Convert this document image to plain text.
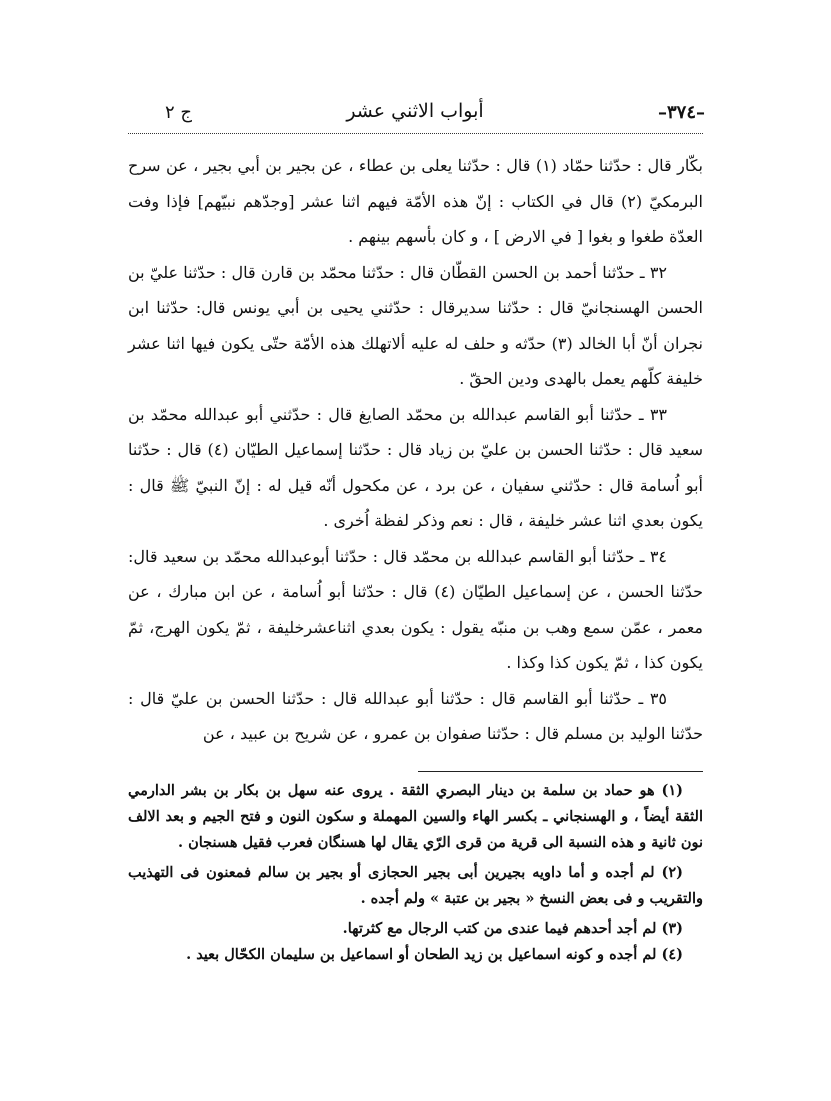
–٣٧٤–
أبواب الاثني عشر
ج ٢

بكّار قال : حدّثنا حمّاد (١) قال : حدّثنا يعلى بن عطاء ، عن بجير بن أبي بجير ، عن سرح البرمكيّ (٢) قال في الكتاب : إنّ هذه الأمّة فيهم اثنا عشر [وجدّهم نبيّهم] فإذا وفت العدّة طغوا و بغوا [ في الارض ] ، و كان بأسهم بينهم .

٣٢ ـ حدّثنا أحمد بن الحسن القطّان قال : حدّثنا محمّد بن قارن قال : حدّثنا عليّ بن الحسن الهسنجانيّ قال : حدّثنا سديرقال : حدّثني يحيى بن أبي يونس قال: حدّثنا ابن نجران أنّ أبا الخالد (٣) حدّثه و حلف له عليه ألاتهلك هذه الأمّة حتّى يكون فيها اثنا عشر خليفة كلّهم يعمل بالهدى ودين الحقّ .

٣٣ ـ حدّثنا أبو القاسم عبدالله بن محمّد الصايغ قال : حدّثني أبو عبدالله محمّد بن سعيد قال : حدّثنا الحسن بن عليّ بن زياد قال : حدّثنا إسماعيل الطيّان (٤) قال : حدّثنا أبو اُسامة قال : حدّثني سفيان ، عن برد ، عن مكحول أنّه قيل له : إنّ النبيّ ﷺ قال : يكون بعدي اثنا عشر خليفة ، قال : نعم وذكر لفظة اُخرى .

٣٤ ـ حدّثنا أبو القاسم عبدالله بن محمّد قال : حدّثنا أبوعبدالله محمّد بن سعيد قال: حدّثنا الحسن ، عن إسماعيل الطيّان (٤) قال : حدّثنا أبو اُسامة ، عن ابن مبارك ، عن معمر ، عمّن سمع وهب بن منبّه يقول : يكون بعدي اثناعشرخليفة ، ثمّ يكون الهرج، ثمّ يكون كذا ، ثمّ يكون كذا وكذا .

٣٥ ـ حدّثنا أبو القاسم قال : حدّثنا أبو عبدالله قال : حدّثنا الحسن بن عليّ قال : حدّثنا الوليد بن مسلم قال : حدّثنا صفوان بن عمرو ، عن شريح بن عبيد ، عن

(١) هو حماد بن سلمة بن دينار البصري الثقة . يروى عنه سهل بن بكار بن بشر الدارمي الثقة أيضاً ، و الهسنجاني ـ بكسر الهاء والسين المهملة و سكون النون و فتح الجيم و بعد الالف نون ثانية و هذه النسبة الى قرية من قرى الرّي يقال لها هسنگان فعرب فقيل هسنجان .

(٢) لم أجده و أما داويه بجيرين أبى بجير الحجازى أو بجير بن سالم فمعنون فى التهذيب والتقريب و فى بعض النسخ « بجير بن عتبة » ولم أجده .

(٣) لم أجد أحدهم فيما عندى من كتب الرجال مع كثرتها.

(٤) لم أجده و كونه اسماعيل بن زيد الطحان أو اسماعيل بن سليمان الكحّال بعيد .
